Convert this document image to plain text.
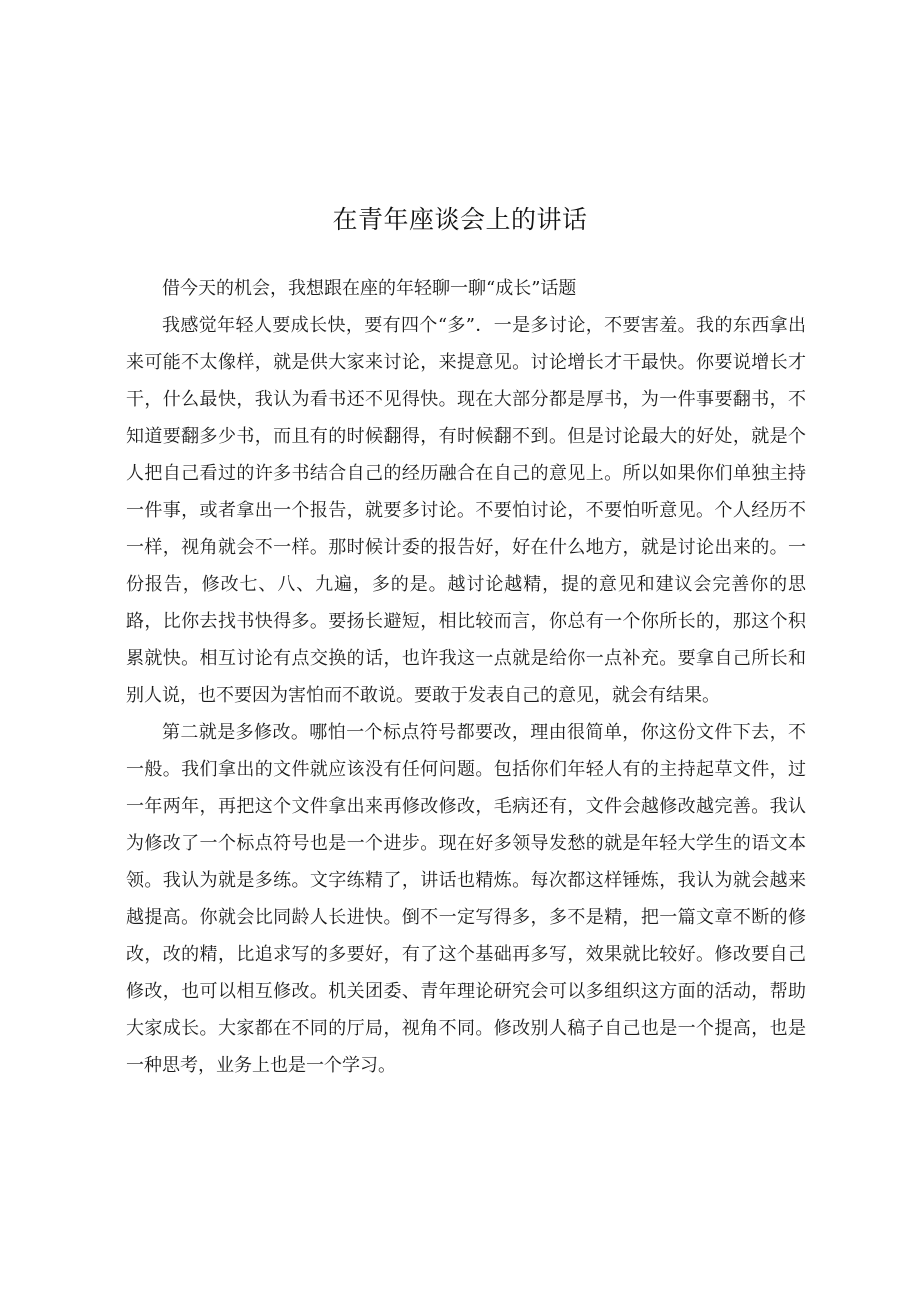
在青年座谈会上的讲话

借今天的机会，我想跟在座的年轻聊一聊“成长”话题

我感觉年轻人要成长快，要有四个“多”．一是多讨论，不要害羞。我的东西拿出来可能不太像样，就是供大家来讨论，来提意见。讨论增长才干最快。你要说增长才干，什么最快，我认为看书还不见得快。现在大部分都是厚书，为一件事要翻书，不知道要翻多少书，而且有的时候翻得，有时候翻不到。但是讨论最大的好处，就是个人把自己看过的许多书结合自己的经历融合在自己的意见上。所以如果你们单独主持一件事，或者拿出一个报告，就要多讨论。不要怕讨论，不要怕听意见。个人经历不一样，视角就会不一样。那时候计委的报告好，好在什么地方，就是讨论出来的。一份报告，修改七、八、九遍，多的是。越讨论越精，提的意见和建议会完善你的思路，比你去找书快得多。要扬长避短，相比较而言，你总有一个你所长的，那这个积累就快。相互讨论有点交换的话，也许我这一点就是给你一点补充。要拿自己所长和别人说，也不要因为害怕而不敢说。要敢于发表自己的意见，就会有结果。

第二就是多修改。哪怕一个标点符号都要改，理由很简单，你这份文件下去，不一般。我们拿出的文件就应该没有任何问题。包括你们年轻人有的主持起草文件，过一年两年，再把这个文件拿出来再修改修改，毛病还有，文件会越修改越完善。我认为修改了一个标点符号也是一个进步。现在好多领导发愁的就是年轻大学生的语文本领。我认为就是多练。文字练精了，讲话也精炼。每次都这样锤炼，我认为就会越来越提高。你就会比同龄人长进快。倒不一定写得多，多不是精，把一篇文章不断的修改，改的精，比追求写的多要好，有了这个基础再多写，效果就比较好。修改要自己修改，也可以相互修改。机关团委、青年理论研究会可以多组织这方面的活动，帮助大家成长。大家都在不同的厅局，视角不同。修改别人稿子自己也是一个提高，也是一种思考，业务上也是一个学习。
